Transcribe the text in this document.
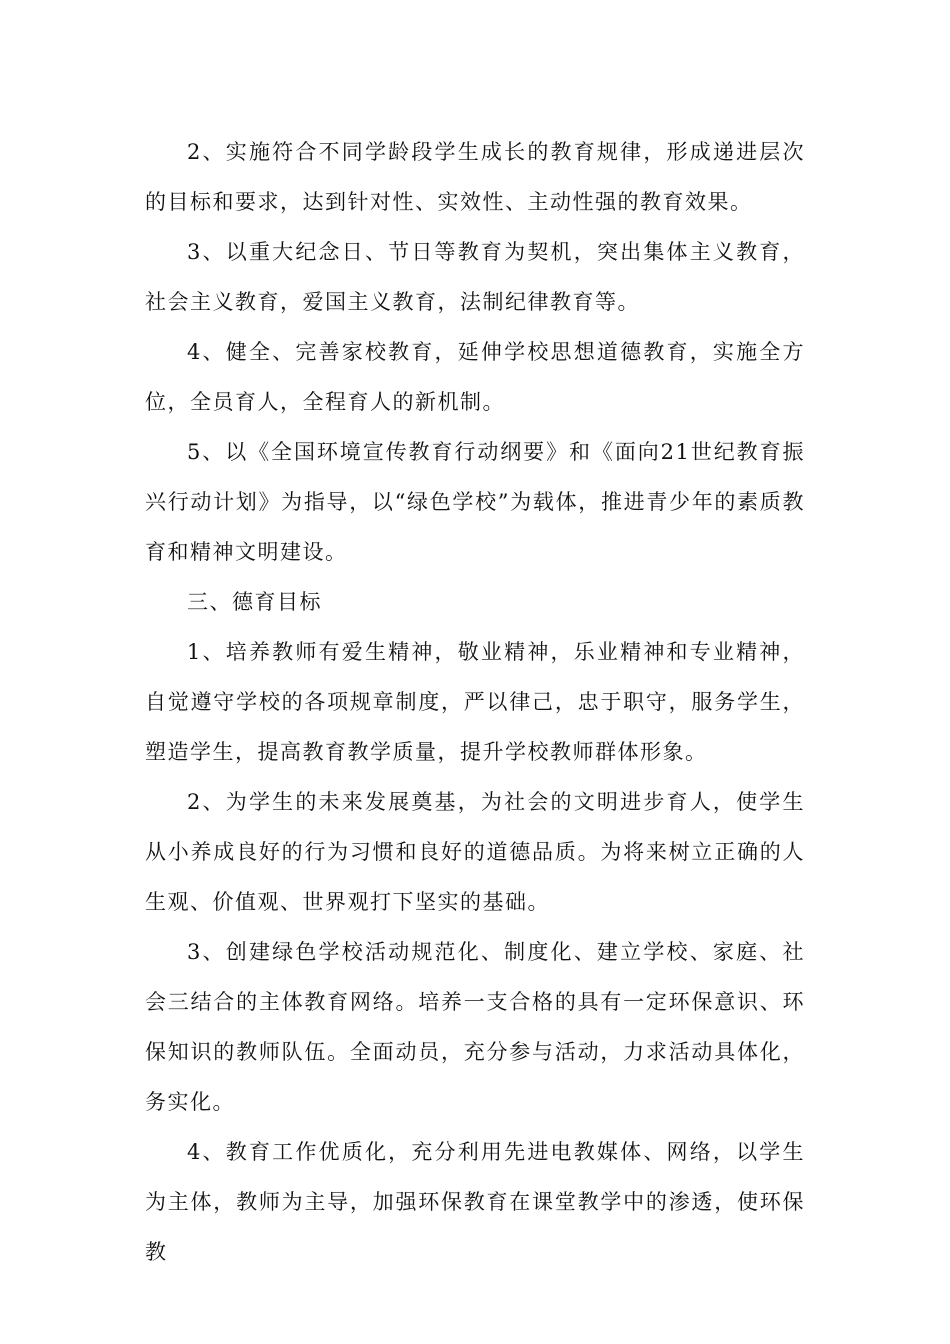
2、实施符合不同学龄段学生成长的教育规律，形成递进层次的目标和要求，达到针对性、实效性、主动性强的教育效果。

3、以重大纪念日、节日等教育为契机，突出集体主义教育，社会主义教育，爱国主义教育，法制纪律教育等。

4、健全、完善家校教育，延伸学校思想道德教育，实施全方位，全员育人，全程育人的新机制。

5、以《全国环境宣传教育行动纲要》和《面向21世纪教育振兴行动计划》为指导，以“绿色学校”为载体，推进青少年的素质教育和精神文明建设。

三、德育目标

1、培养教师有爱生精神，敬业精神，乐业精神和专业精神，自觉遵守学校的各项规章制度，严以律己，忠于职守，服务学生，塑造学生，提高教育教学质量，提升学校教师群体形象。

2、为学生的未来发展奠基，为社会的文明进步育人，使学生从小养成良好的行为习惯和良好的道德品质。为将来树立正确的人生观、价值观、世界观打下坚实的基础。

3、创建绿色学校活动规范化、制度化、建立学校、家庭、社会三结合的主体教育网络。培养一支合格的具有一定环保意识、环保知识的教师队伍。全面动员，充分参与活动，力求活动具体化，务实化。

4、教育工作优质化，充分利用先进电教媒体、网络，以学生为主体，教师为主导，加强环保教育在课堂教学中的渗透，使环保教
